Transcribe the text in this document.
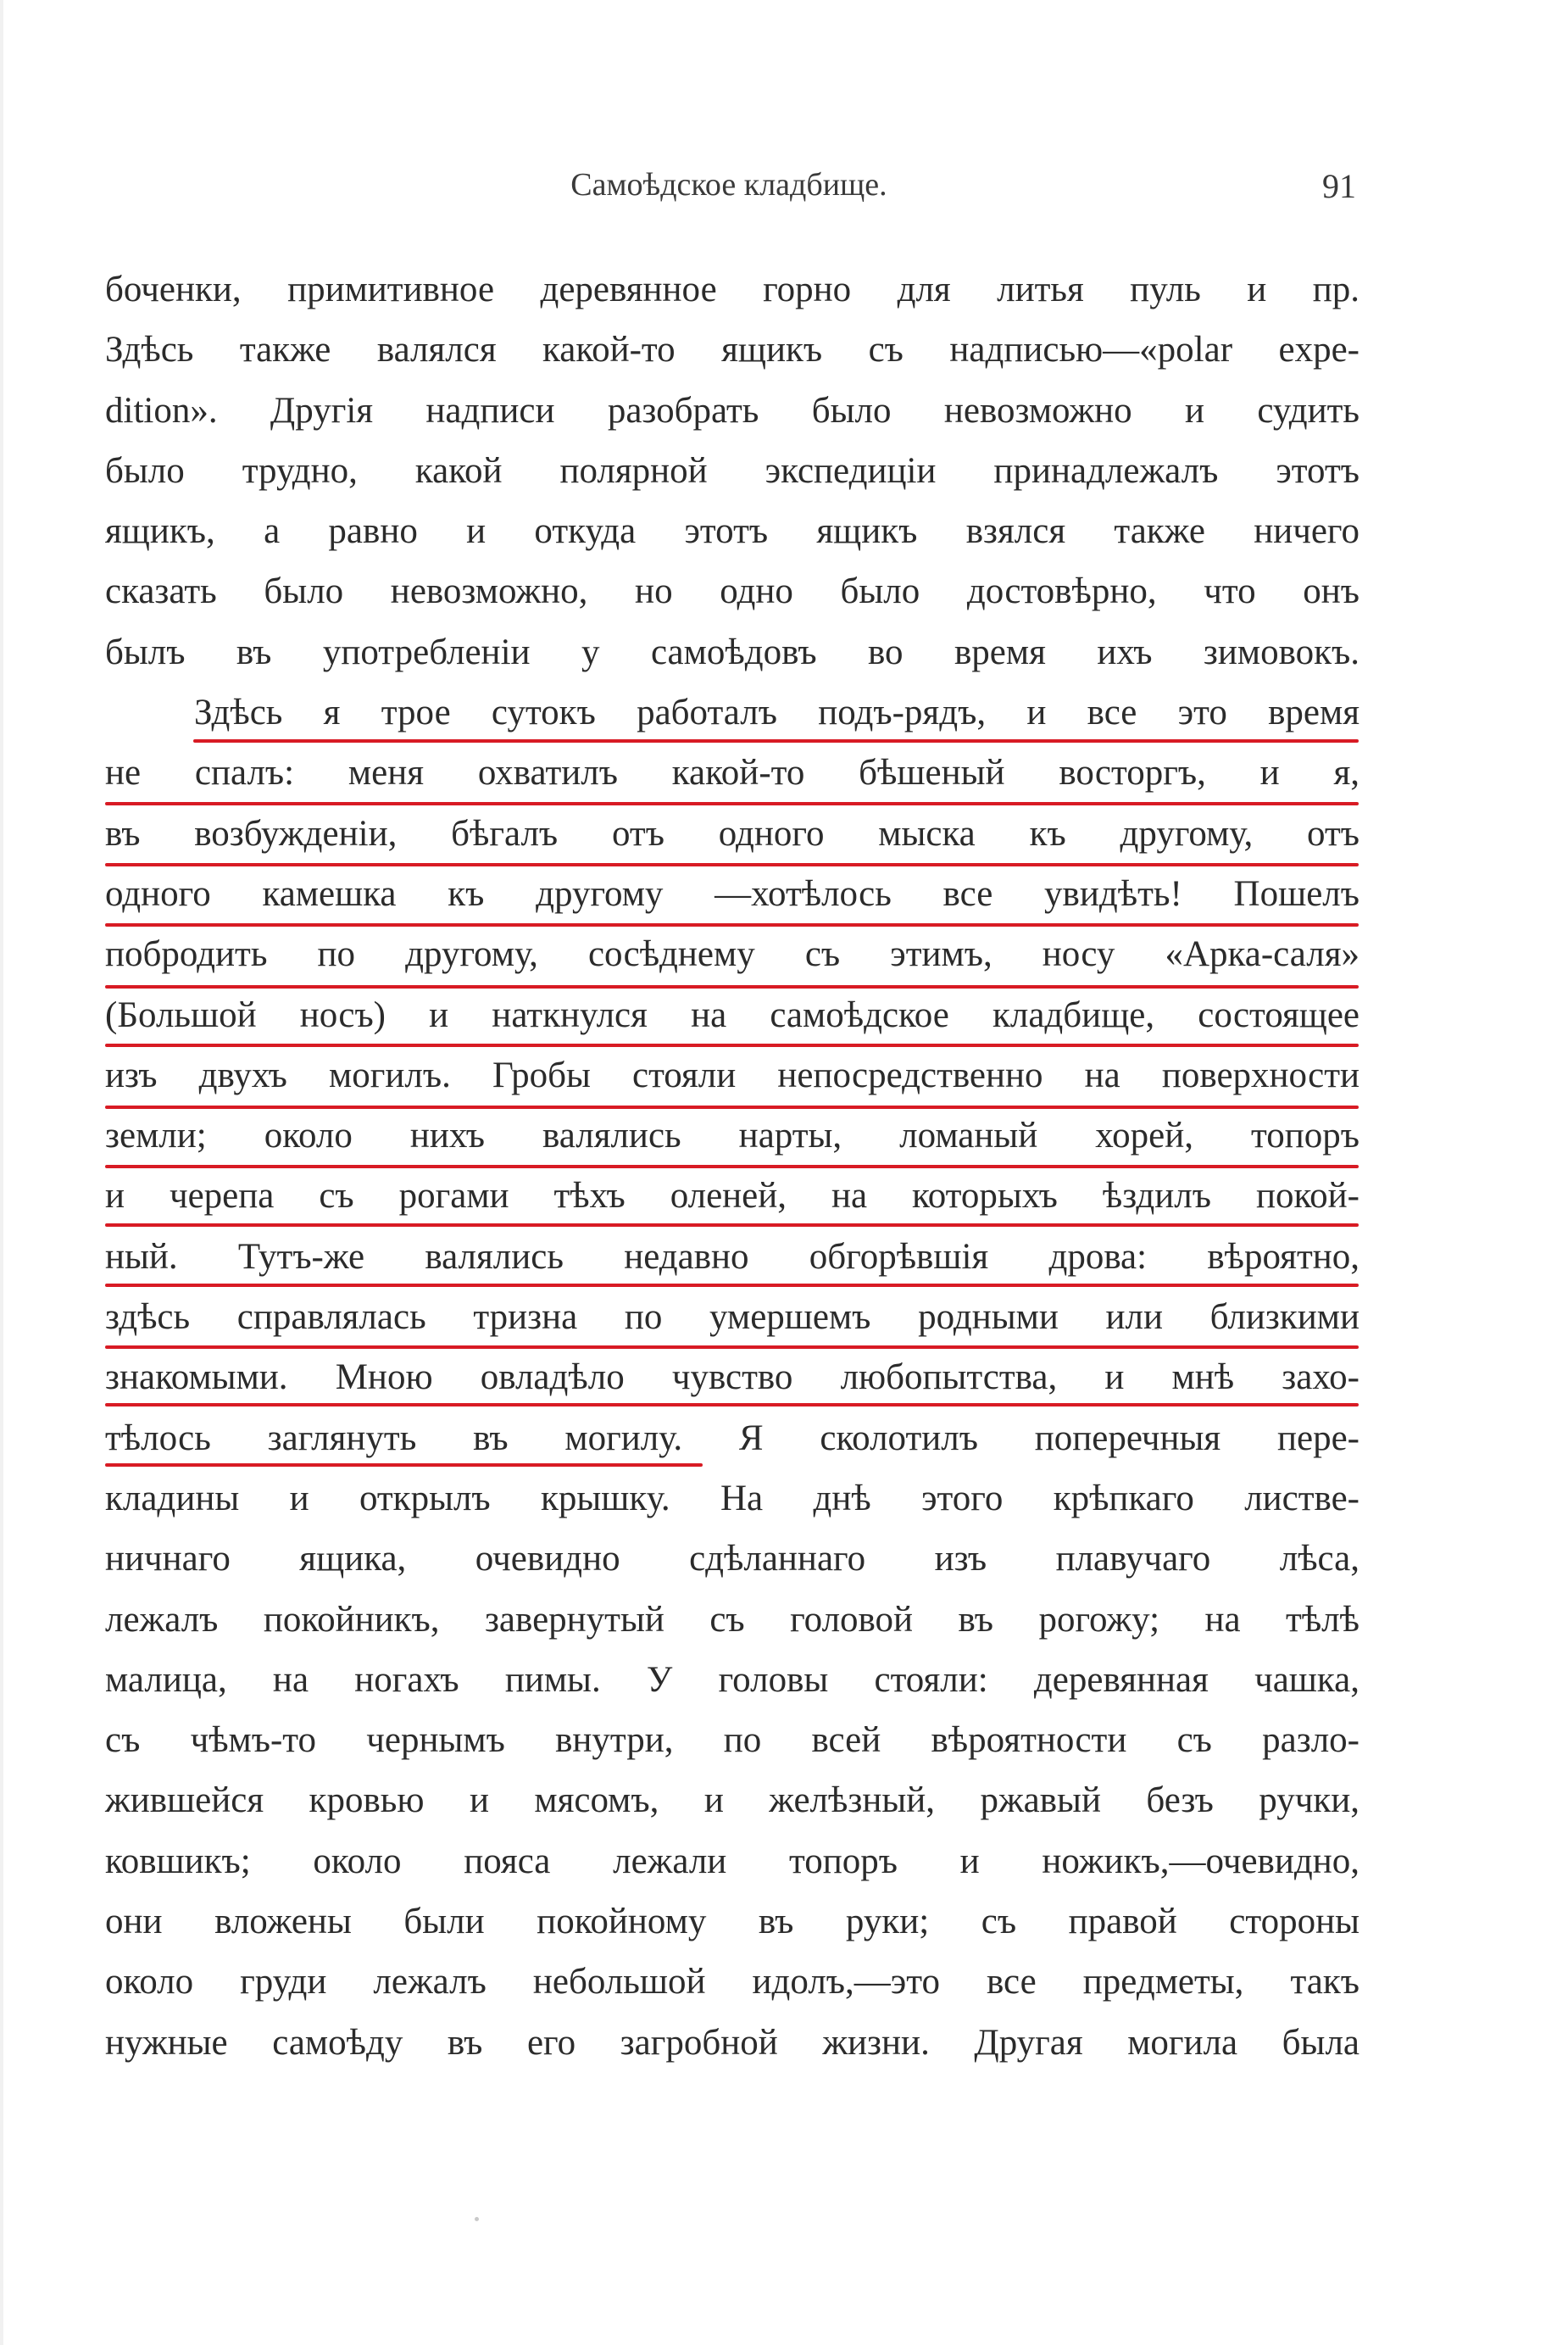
Самоѣдское кладбище.	91
боченки, примитивное деревянное горно для литья пуль и пр.
Здѣсь также валялся какой-то ящикъ съ надписью—«polar expe-
dition». Другія надписи разобрать было невозможно и судить
было трудно, какой полярной экспедиціи принадлежалъ этотъ
ящикъ, а равно и откуда этотъ ящикъ взялся также ничего
сказать было невозможно, но одно было достовѣрно, что онъ
былъ въ употребленіи у самоѣдовъ во время ихъ зимовокъ.
Здѣсь я трое сутокъ работалъ подъ-рядъ, и все это время
не спалъ: меня охватилъ какой-то бѣшеный восторгъ, и я,
въ возбужденіи, бѣгалъ отъ одного мыска къ другому, отъ
одного камешка къ другому —хотѣлось все увидѣть! Пошелъ
побродить по другому, сосѣднему съ этимъ, носу «Арка-саля»
(Большой носъ) и наткнулся на самоѣдское кладбище, состоящее
изъ двухъ могилъ. Гробы стояли непосредственно на поверхности
земли; около нихъ валялись нарты, ломаный хорей, топоръ
и черепа съ рогами тѣхъ оленей, на которыхъ ѣздилъ покой-
ный. Тутъ-же валялись недавно обгорѣвшія дрова: вѣроятно,
здѣсь справлялась тризна по умершемъ родными или близкими
знакомыми. Мною овладѣло чувство любопытства, и мнѣ захо-
тѣлось заглянуть въ могилу. Я сколотилъ поперечныя пере-
кладины и открылъ крышку. На днѣ этого крѣпкаго листве-
ничнаго ящика, очевидно сдѣланнаго изъ плавучаго лѣса,
лежалъ покойникъ, завернутый съ головой въ рогожу; на тѣлѣ
малица, на ногахъ пимы. У головы стояли: деревянная чашка,
съ чѣмъ-то чернымъ внутри, по всей вѣроятности съ разло-
жившейся кровью и мясомъ, и желѣзный, ржавый безъ ручки,
ковшикъ; около пояса лежали топоръ и ножикъ,—очевидно,
они вложены были покойному въ руки; съ правой стороны
около груди лежалъ небольшой идолъ,—это все предметы, такъ
нужные самоѣду въ его загробной жизни. Другая могила была
